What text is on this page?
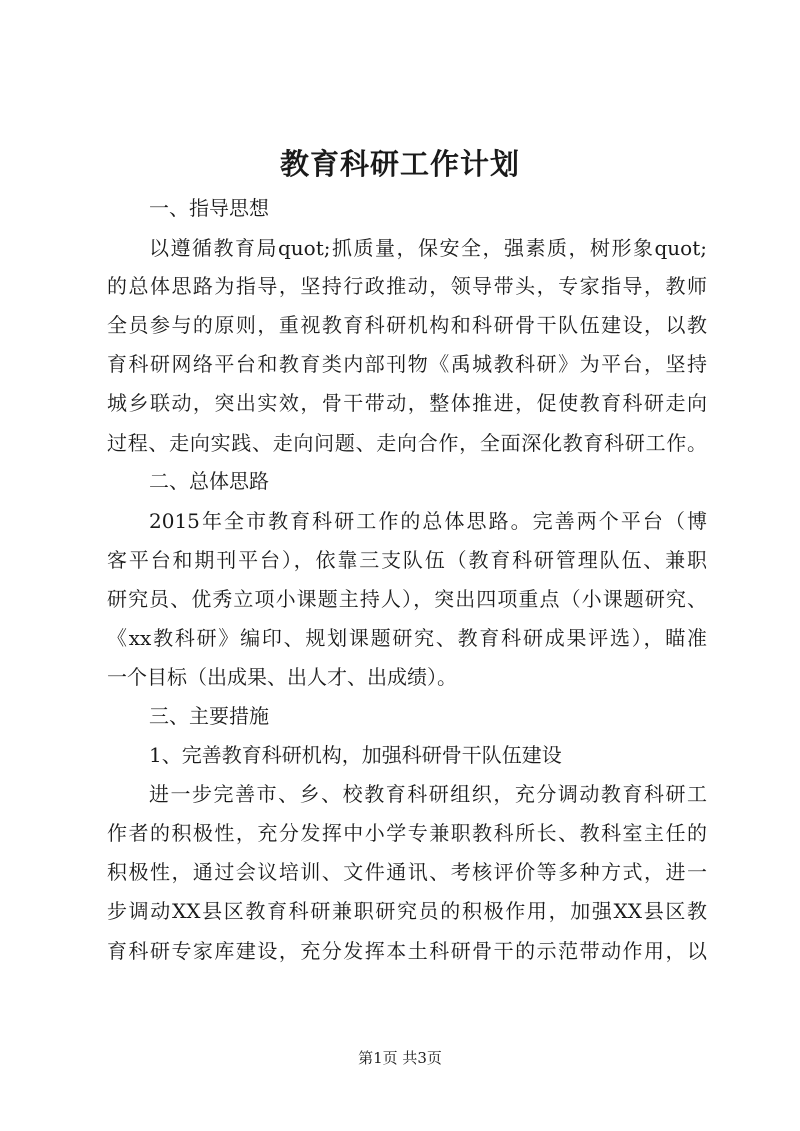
教育科研工作计划
一、指导思想
以遵循教育局quot;抓质量，保安全，强素质，树形象quot;
的总体思路为指导，坚持行政推动，领导带头，专家指导，教师
全员参与的原则，重视教育科研机构和科研骨干队伍建设，以教
育科研网络平台和教育类内部刊物《禹城教科研》为平台，坚持
城乡联动，突出实效，骨干带动，整体推进，促使教育科研走向
过程、走向实践、走向问题、走向合作，全面深化教育科研工作。
二、总体思路
2015年全市教育科研工作的总体思路。完善两个平台（博
客平台和期刊平台），依靠三支队伍（教育科研管理队伍、兼职
研究员、优秀立项小课题主持人），突出四项重点（小课题研究、
《xx教科研》编印、规划课题研究、教育科研成果评选），瞄准
一个目标（出成果、出人才、出成绩）。
三、主要措施
1、完善教育科研机构，加强科研骨干队伍建设
进一步完善市、乡、校教育科研组织，充分调动教育科研工
作者的积极性，充分发挥中小学专兼职教科所长、教科室主任的
积极性，通过会议培训、文件通讯、考核评价等多种方式，进一
步调动XX县区教育科研兼职研究员的积极作用，加强XX县区教
育科研专家库建设，充分发挥本土科研骨干的示范带动作用，以
第1页 共3页
